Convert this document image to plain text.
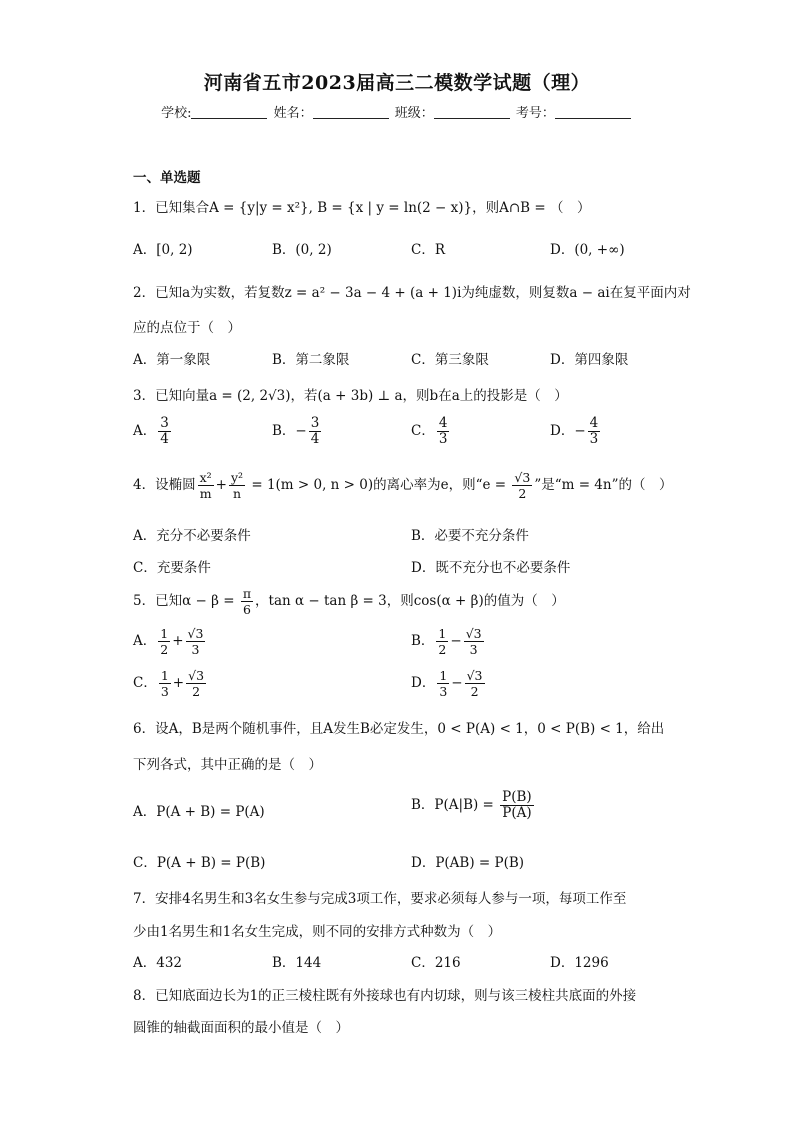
河南省五市2023届高三二模数学试题（理）
学校:	姓名：	班级：	考号：
一、单选题
1．已知集合A = {y|y = x²}, B = {x | y = ln(2 − x)}，则A∩B = （　）
A．[0, 2)	B．(0, 2)	C．R	D．(0, +∞)
2．已知a为实数，若复数z = a² − 3a − 4 + (a + 1)i为纯虚数，则复数a − ai在复平面内对
应的点位于（　）
A．第一象限	B．第二象限	C．第三象限	D．第四象限
3．已知向量a = (2, 2√3)，若(a + 3b) ⊥ a，则b在a上的投影是（　）
A． $\frac{3}{4}$	B．− $\frac{3}{4}$	C． $\frac{4}{3}$	D．− $\frac{4}{3}$
4．设椭圆 $\frac{\text{x²}}{m} + \frac{\text{y²}}{n} = 1(m > 0$, n > 0)的离心率为e，则“$e = \frac{√3}{2}$ ”是“m = 4n”的（　）
A．充分不必要条件	B．必要不充分条件
C．充要条件	D．既不充分也不必要条件
5．已知$\alpha - \beta = \frac{\pi}{6}$ ，tan α − tan β = 3，则cos(α + β)的值为（　）
A． $\frac{1}{2} + \frac{√3}{3}$	B． $\frac{1}{2} - \frac{√3}{3}$
C． $\frac{1}{3} + \frac{√3}{2}$	D． $\frac{1}{3} - \frac{√3}{2}$
6．设A，B是两个随机事件，且A发生B必定发生，0 < P(A) < 1，0 < P(B) < 1，给出
下列各式，其中正确的是（　）
A．P(A + B) = P(A)	B．$P(A|B) = \frac{P(B)}{P(A)}$
C．P(A + B) = P(B)	D．P(AB) = P(B)
7．安排4名男生和3名女生参与完成3项工作，要求必须每人参与一项，每项工作至
少由1名男生和1名女生完成，则不同的安排方式种数为（　）
A．432	B．144	C．216	D．1296
8．已知底面边长为1的正三棱柱既有外接球也有内切球，则与该三棱柱共底面的外接
圆锥的轴截面面积的最小值是（　）
